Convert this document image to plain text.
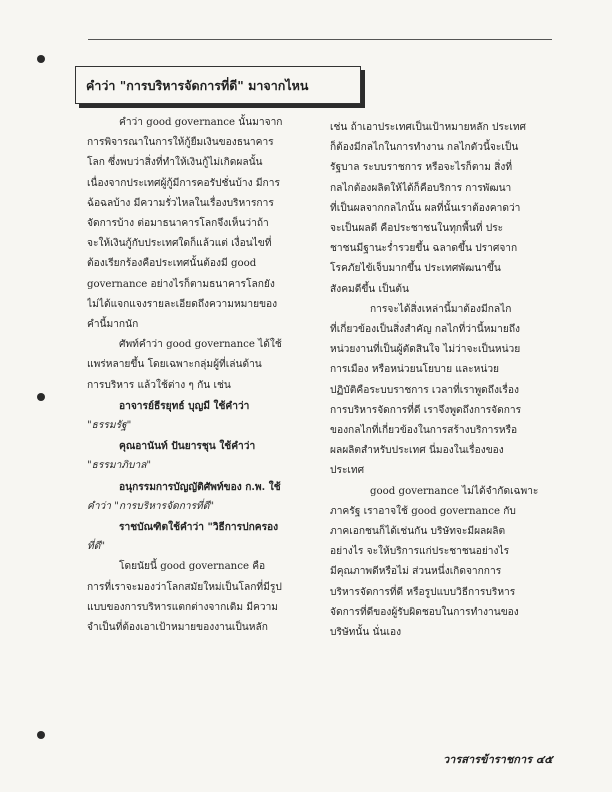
คำว่า "การบริหารจัดการที่ดี" มาจากไหน
คำว่า good governance นั้นมาจาก
การพิจารณาในการให้กู้ยืมเงินของธนาคาร
โลก ซึ่งพบว่าสิ่งที่ทำให้เงินกู้ไม่เกิดผลนั้น
เนื่องจากประเทศผู้กู้มีการคอรัปชั่นบ้าง มีการ
ฉ้อฉลบ้าง มีความรั่วไหลในเรื่องบริหารการ
จัดการบ้าง ต่อมาธนาคารโลกจึงเห็นว่าถ้า
จะให้เงินกู้กับประเทศใดก็แล้วแต่ เงื่อนไขที่
ต้องเรียกร้องคือประเทศนั้นต้องมี good
governance อย่างไรก็ตามธนาคารโลกยัง
ไม่ได้แจกแจงรายละเอียดถึงความหมายของ
คำนี้มากนัก
ศัพท์คำว่า good governance ได้ใช้
แพร่หลายขึ้น โดยเฉพาะกลุ่มผู้ที่เล่นด้าน
การบริหาร แล้วใช้ต่าง ๆ กัน เช่น
อาจารย์ธีรยุทธ์ บุญมี ใช้คำว่า
"ธรรมรัฐ"
คุณอานันท์ ปันยารชุน ใช้คำว่า
"ธรรมาภิบาล"
อนุกรรมการบัญญัติศัพท์ของ ก.พ. ใช้
คำว่า "การบริหารจัดการที่ดี"
ราชบัณฑิตใช้คำว่า "วิธีการปกครอง
ที่ดี"
โดยนัยนี้ good governance คือ
การที่เราจะมองว่าโลกสมัยใหม่เป็นโลกที่มีรูป
แบบของการบริหารแตกต่างจากเดิม มีความ
จำเป็นที่ต้องเอาเป้าหมายของงานเป็นหลัก
เช่น ถ้าเอาประเทศเป็นเป้าหมายหลัก ประเทศ
ก็ต้องมีกลไกในการทำงาน กลไกตัวนี้จะเป็น
รัฐบาล ระบบราชการ หรือจะไรก็ตาม สิ่งที่
กลไกต้องผลิตให้ได้ก็คือบริการ การพัฒนา
ที่เป็นผลจากกลไกนั้น ผลที่นั้นเราต้องคาดว่า
จะเป็นผลดี คือประชาชนในทุกพื้นที่ ประ
ชาชนมีฐานะร่ำรวยขึ้น ฉลาดขึ้น ปราศจาก
โรคภัยไข้เจ็บมากขึ้น ประเทศพัฒนาขึ้น
สังคมดีขึ้น เป็นต้น
การจะได้สิ่งเหล่านี้มาต้องมีกลไก
ที่เกี่ยวข้องเป็นสิ่งสำคัญ กลไกที่ว่านี้หมายถึง
หน่วยงานที่เป็นผู้ตัดสินใจ ไม่ว่าจะเป็นหน่วย
การเมือง หรือหน่วยนโยบาย และหน่วย
ปฏิบัติคือระบบราชการ เวลาที่เราพูดถึงเรื่อง
การบริหารจัดการที่ดี เราจึงพูดถึงการจัดการ
ของกลไกที่เกี่ยวข้องในการสร้างบริการหรือ
ผลผลิตสำหรับประเทศ นี่มองในเรื่องของ
ประเทศ
good governance ไม่ได้จำกัดเฉพาะ
ภาครัฐ เราอาจใช้ good governance กับ
ภาคเอกชนก็ได้เช่นกัน บริษัทจะมีผลผลิต
อย่างไร จะให้บริการแก่ประชาชนอย่างไร
มีคุณภาพดีหรือไม่ ส่วนหนึ่งเกิดจากการ
บริหารจัดการที่ดี หรือรูปแบบวิธีการบริหาร
จัดการที่ดีของผู้รับผิดชอบในการทำงานของ
บริษัทนั้น นั่นเอง
วารสารข้าราชการ ๔๕
